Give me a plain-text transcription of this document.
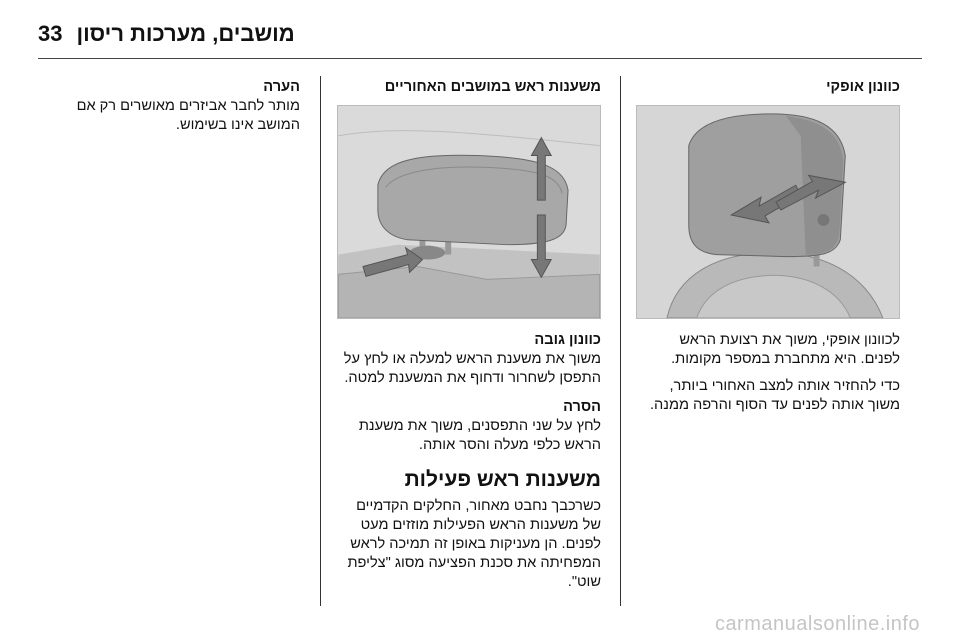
33 מושבים, מערכות ריסון
כוונון אופקי

לכוונון אופקי, משוך את רצועת הראש לפנים. היא מתחברת במספר מקומות.

כדי להחזיר אותה למצב האחורי ביותר, משוך אותה לפנים עד הסוף והרפה ממנה.

משענות ראש במושבים האחוריים
כוונון גובה

משוך את משענת הראש למעלה או לחץ על התפסן לשחרור ודחוף את המשענת למטה.

הסרה

לחץ על שני התפסנים, משוך את משענת הראש כלפי מעלה והסר אותה.

משענות ראש פעילות

כשרכבך נחבט מאחור, החלקים הקדמיים של משענות הראש הפעילות מוזזים מעט לפנים. הן מעניקות באופן זה תמיכה לראש המפחיתה את סכנת הפציעה מסוג "צליפת שוט".

הערה

מותר לחבר אביזרים מאושרים רק אם המושב אינו בשימוש.

carmanualsonline.info
